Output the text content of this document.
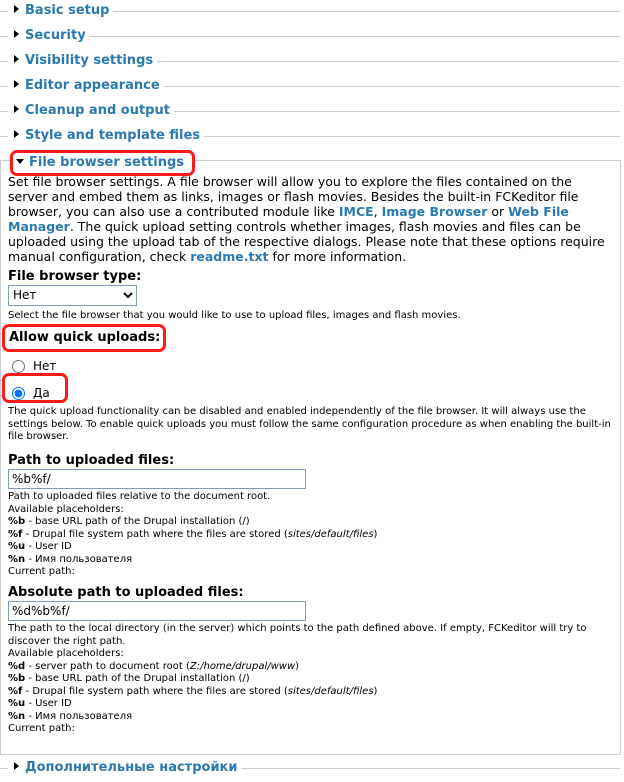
Basic setup
Security
Visibility settings
Editor appearance
Cleanup and output
Style and template files
File browser settings

Set file browser settings. A file browser will allow you to explore the files contained on the server and embed them as links, images or flash movies. Besides the built-in FCKeditor file browser, you can also use a contributed module like IMCE, Image Browser or Web File Manager. The quick upload setting controls whether images, flash movies and files can be uploaded using the upload tab of the respective dialogs. Please note that these options require manual configuration, check readme.txt for more information.

File browser type:

Нет

Select the file browser that you would like to use to upload files, images and flash movies.

Allow quick uploads:

Нет
Да

The quick upload functionality can be disabled and enabled independently of the file browser. It will always use the settings below. To enable quick uploads you must follow the same configuration procedure as when enabling the built-in file browser.

Path to uploaded files:

%b%f/

Path to uploaded files relative to the document root.

Available placeholders:

%b - base URL path of the Drupal installation (/)

%f - Drupal file system path where the files are stored (sites/default/files)

%u - User ID

%n - Имя пользователя

Current path:

Absolute path to uploaded files:

%d%b%f/

The path to the local directory (in the server) which points to the path defined above. If empty, FCKeditor will try to discover the right path.

Available placeholders:

%d - server path to document root (Z:/home/drupal/www)

%b - base URL path of the Drupal installation (/)

%f - Drupal file system path where the files are stored (sites/default/files)

%u - User ID

%n - Имя пользователя

Current path:

Дополнительные настройки
